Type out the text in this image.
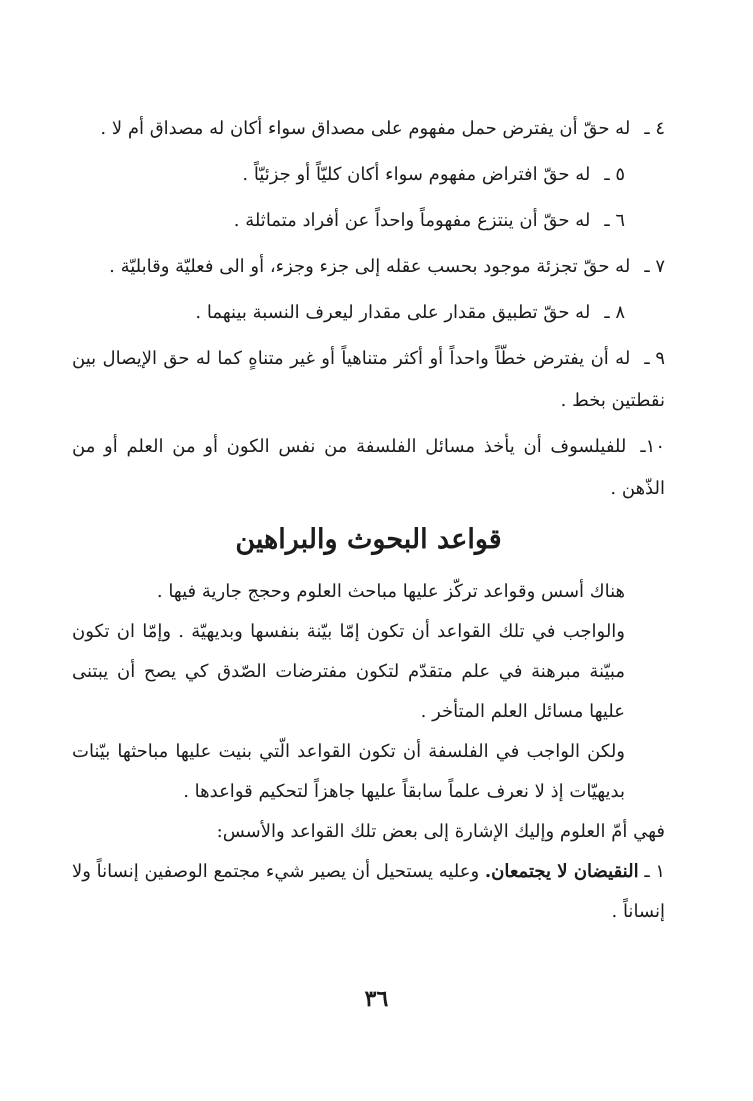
٤ ـله حقّ أن يفترض حمل مفهوم على مصداق سواء أكان له مصداق أم لا .

٥ ـله حقّ افتراض مفهوم سواء أكان كليّاً أو جزئيّاً .

٦ ـله حقّ أن ينتزع مفهوماً واحداً عن أفراد متماثلة .

٧ ـله حقّ تجزئة موجود بحسب عقله إلى جزء وجزء، أو الى فعليّة وقابليّة .

٨ ـله حقّ تطبيق مقدار على مقدار ليعرف النسبة بينهما .

٩ ـله أن يفترض خطّاً واحداً أو أكثر متناهياً أو غير متناهٍ كما له حق الإيصال بين نقطتين بخط .

١٠ـللفيلسوف أن يأخذ مسائل الفلسفة من نفس الكون أو من العلم أو من الذّهن .

قواعد البحوث والبراهين

هناك أسس وقواعد تركّز عليها مباحث العلوم وحجج جارية فيها .

والواجب في تلك القواعد أن تكون إمّا بيّنة بنفسها وبديهيّة . وإمّا ان تكون مبيّنة مبرهنة في علم متقدّم لتكون مفترضات الصّدق كي يصح أن يبتنى عليها مسائل العلم المتأخر .

ولكن الواجب في الفلسفة أن تكون القواعد الّتي بنيت عليها مباحثها بيّنات بديهيّات إذ لا نعرف علماً سابقاً عليها جاهزاً لتحكيم قواعدها .

فهي أمّ العلوم وإليك الإشارة إلى بعض تلك القواعد والأسس:

١ ـ النقيضان لا يجتمعان. وعليه يستحيل أن يصير شيء مجتمع الوصفين إنساناً ولا إنساناً .

٣٦
